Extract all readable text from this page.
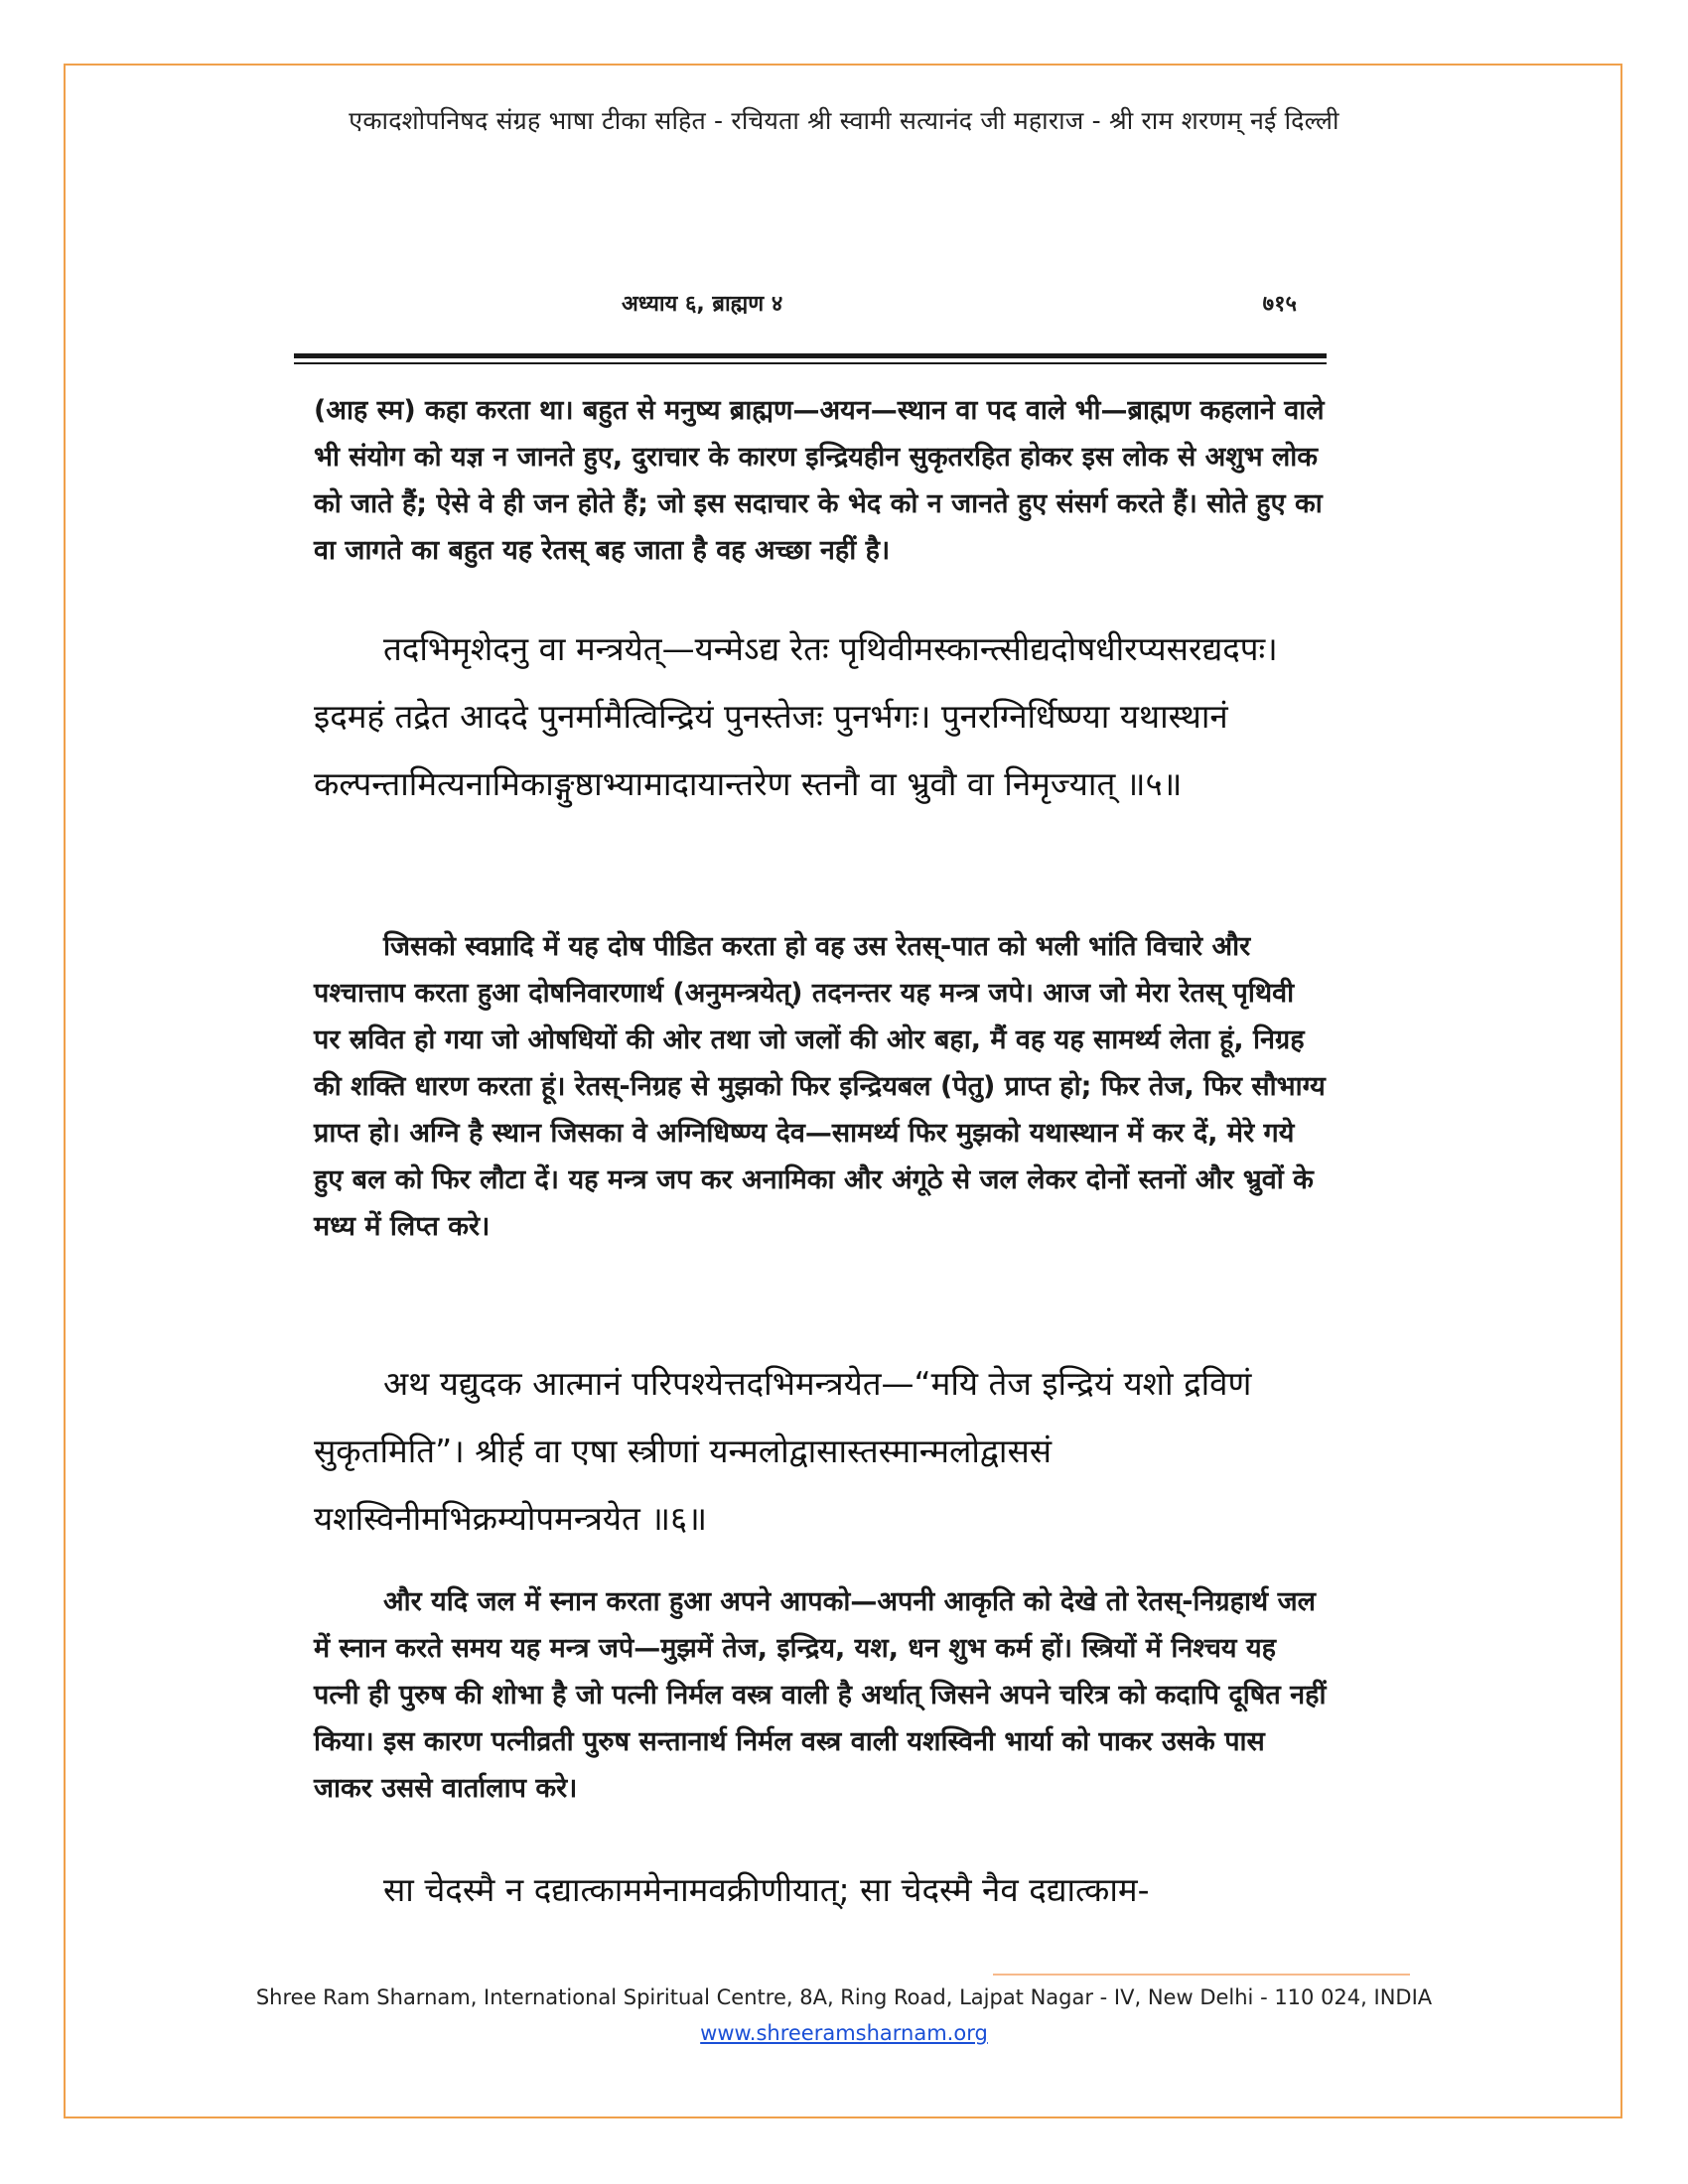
एकादशोपनिषद संग्रह भाषा टीका सहित - रचियता श्री स्वामी सत्यानंद जी महाराज - श्री राम शरणम् नई दिल्ली
अध्याय ६, ब्राह्मण ४	७१५
(आह स्म) कहा करता था। बहुत से मनुष्य ब्राह्मण—अयन—स्थान वा पद वाले भी—ब्राह्मण कहलाने वाले भी संयोग को यज्ञ न जानते हुए, दुराचार के कारण इन्द्रियहीन सुकृतरहित होकर इस लोक से अशुभ लोक को जाते हैं; ऐसे वे ही जन होते हैं; जो इस सदाचार के भेद को न जानते हुए संसर्ग करते हैं। सोते हुए का वा जागते का बहुत यह रेतस् बह जाता है वह अच्छा नहीं है।
तदभिमृशेदनु वा मन्त्रयेत्—यन्मेऽद्य रेतः पृथिवीमस्कान्त्सीद्यदोषधीरप्यसरद्यदपः। इदमहं तद्रेत आददे पुनर्मामैत्विन्द्रियं पुनस्तेजः पुनर्भगः। पुनरग्निर्धिष्ण्या यथास्थानं कल्पन्तामित्यनामिकाङ्गुष्ठाभ्यामादायान्तरेण स्तनौ वा भ्रुवौ वा निमृज्यात् ॥५॥
जिसको स्वप्नादि में यह दोष पीडित करता हो वह उस रेतस्-पात को भली भांति विचारे और पश्चात्ताप करता हुआ दोषनिवारणार्थ (अनुमन्त्रयेत्) तदनन्तर यह मन्त्र जपे। आज जो मेरा रेतस् पृथिवी पर स्रवित हो गया जो ओषधियों की ओर तथा जो जलों की ओर बहा, मैं वह यह सामर्थ्य लेता हूं, निग्रह की शक्ति धारण करता हूं। रेतस्-निग्रह से मुझको फिर इन्द्रियबल (पेतु) प्राप्त हो; फिर तेज, फिर सौभाग्य प्राप्त हो। अग्नि है स्थान जिसका वे अग्निधिष्ण्य देव—सामर्थ्य फिर मुझको यथास्थान में कर दें, मेरे गये हुए बल को फिर लौटा दें। यह मन्त्र जप कर अनामिका और अंगूठे से जल लेकर दोनों स्तनों और भ्रुवों के मध्य में लिप्त करे।
अथ यद्युदक आत्मानं परिपश्येत्तदभिमन्त्रयेत—“मयि तेज इन्द्रियं यशो द्रविणं सुकृतमिति”। श्रीर्ह वा एषा स्त्रीणां यन्मलोद्वासास्तस्मान्मलोद्वाससं यशस्विनीमभिक्रम्योपमन्त्रयेत ॥६॥
और यदि जल में स्नान करता हुआ अपने आपको—अपनी आकृति को देखे तो रेतस्-निग्रहार्थ जल में स्नान करते समय यह मन्त्र जपे—मुझमें तेज, इन्द्रिय, यश, धन शुभ कर्म हों। स्त्रियों में निश्चय यह पत्नी ही पुरुष की शोभा है जो पत्नी निर्मल वस्त्र वाली है अर्थात् जिसने अपने चरित्र को कदापि दूषित नहीं किया। इस कारण पत्नीव्रती पुरुष सन्तानार्थ निर्मल वस्त्र वाली यशस्विनी भार्या को पाकर उसके पास जाकर उससे वार्तालाप करे।
सा चेदस्मै न दद्यात्काममेनामवक्रीणीयात्; सा चेदस्मै नैव दद्यात्काम-
Shree Ram Sharnam, International Spiritual Centre, 8A, Ring Road, Lajpat Nagar - IV, New Delhi - 110 024, INDIA
www.shreeramsharnam.org
